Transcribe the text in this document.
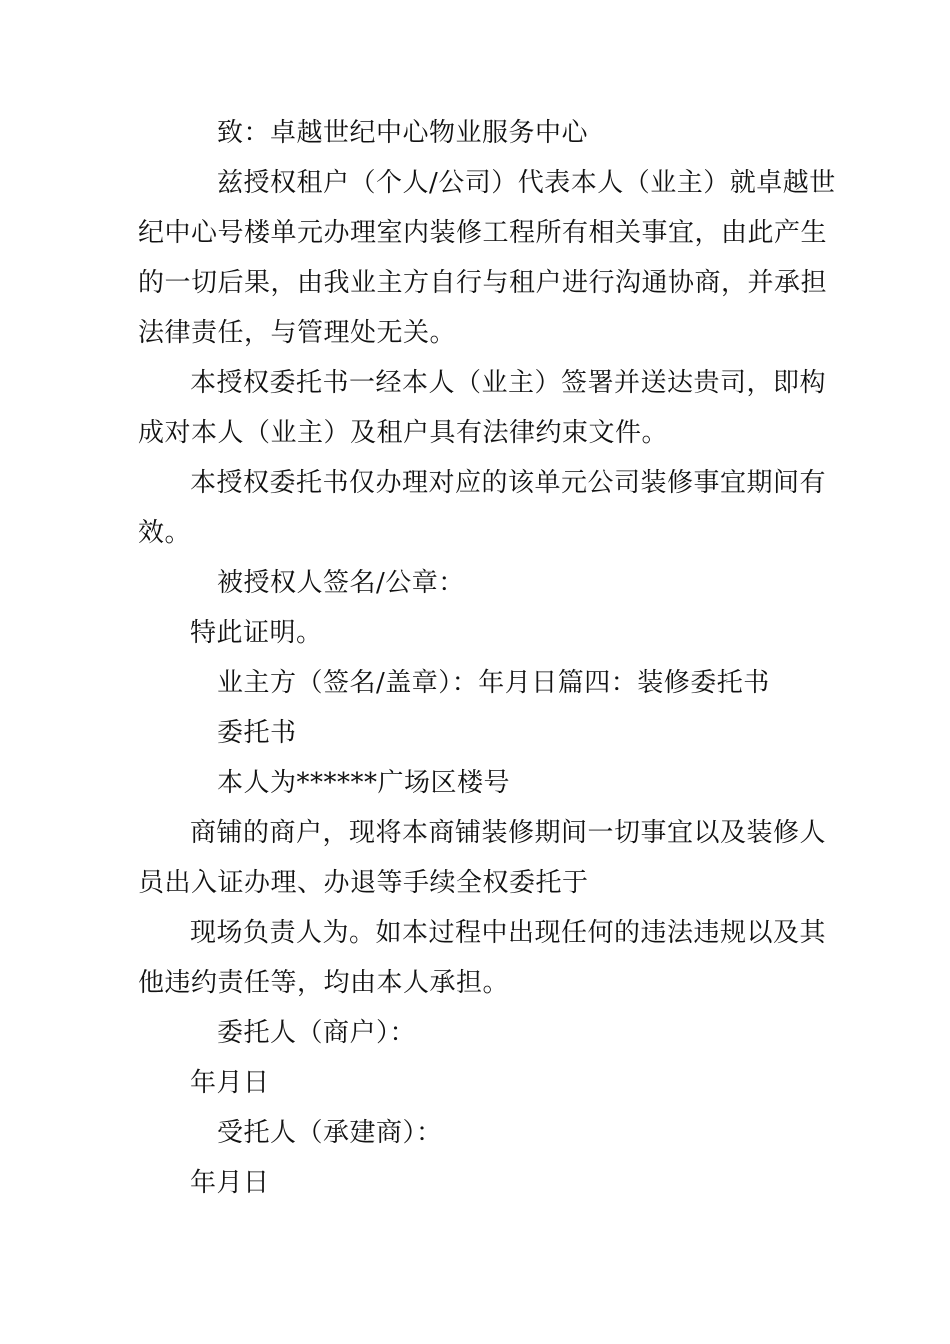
致：卓越世纪中心物业服务中心
兹授权租户（个人/公司）代表本人（业主）就卓越世
纪中心号楼单元办理室内装修工程所有相关事宜，由此产生
的一切后果，由我业主方自行与租户进行沟通协商，并承担
法律责任，与管理处无关。
本授权委托书一经本人（业主）签署并送达贵司，即构
成对本人（业主）及租户具有法律约束文件。
本授权委托书仅办理对应的该单元公司装修事宜期间有
效。
被授权人签名/公章：
特此证明。
业主方（签名/盖章）：年月日篇四：装修委托书
委托书
本人为******广场区楼号
商铺的商户，现将本商铺装修期间一切事宜以及装修人
员出入证办理、办退等手续全权委托于
现场负责人为。如本过程中出现任何的违法违规以及其
他违约责任等，均由本人承担。
委托人（商户）：
年月日
受托人（承建商）：
年月日
